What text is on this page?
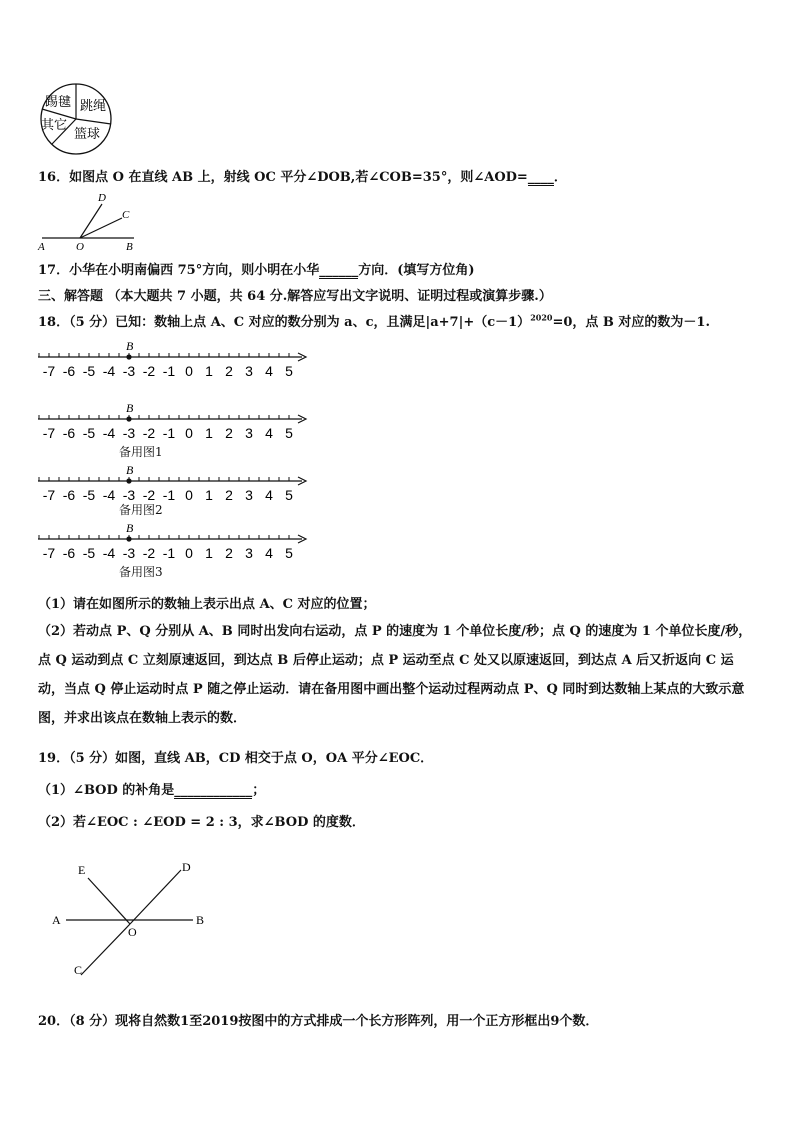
踢毽 跳绳
其它
篮球
16．如图点 O 在直线 AB 上，射线 OC 平分∠DOB,若∠COB=35°，则∠AOD=____．
D
C
A	O	B
17．小华在小明南偏西 75°方向，则小明在小华______方向．(填写方位角)
三、解答题 （本大题共 7 小题，共 64 分.解答应写出文字说明、证明过程或演算步骤.）
18．（5 分）已知：数轴上点 A、C 对应的数分别为 a、c，且满足$|a+7|+(c-1)^{2020}=0$，点 B 对应的数为－1.
-7 -6 -5 -4 -3 -2 -1 0 1 2 3 4 5
B
-7 -6 -5 -4 -3 -2 -1 0 1 2 3 4 5
B
备用图1
-7 -6 -5 -4 -3 -2 -1 0 1 2 3 4 5
B
备用图2
-7 -6 -5 -4 -3 -2 -1 0 1 2 3 4 5
B
备用图3
（1）请在如图所示的数轴上表示出点 A、C 对应的位置；
（2）若动点 P、Q 分别从 A、B 同时出发向右运动，点 P 的速度为 1 个单位长度/秒；点 Q 的速度为 1 个单位长度/秒，点 Q 运动到点 C 立刻原速返回，到达点 B 后停止运动；点 P 运动至点 C 处又以原速返回，到达点 A 后又折返向 C 运动，当点 Q 停止运动时点 P 随之停止运动．请在备用图中画出整个运动过程两动点 P、Q 同时到达数轴上某点的大致示意图，并求出该点在数轴上表示的数．
19．（5 分）如图，直线 AB，CD 相交于点 O，OA 平分∠EOC．
（1）∠BOD 的补角是____________；
（2）若∠EOC : ∠EOD = 2 : 3，求∠BOD 的度数．
E	D
A
O
B
C
20．（8 分）现将自然数1至2019按图中的方式排成一个长方形阵列，用一个正方形框出9个数．
